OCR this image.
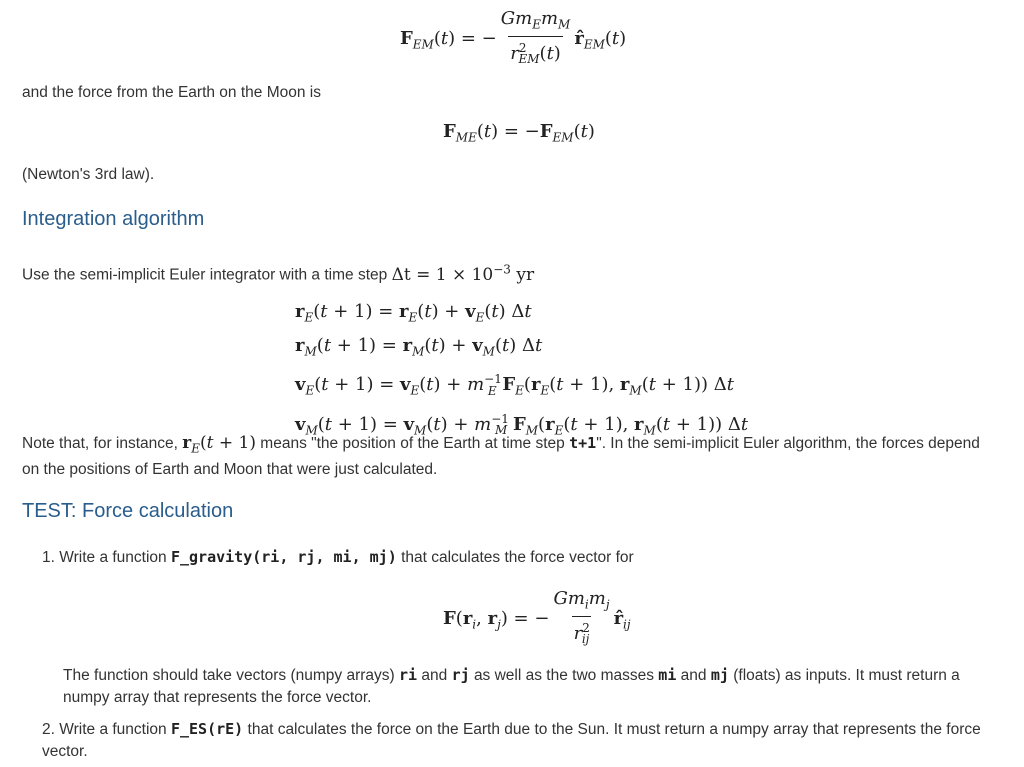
$F_{EM}(t)$ = − $\frac{Gm_Em_M}{r^2_{EM}(t)}$ $r̂_{EM}(t)$
and the force from the Earth on the Moon is
$F_{ME}(t) = -F_{EM}(t)$
(Newton's 3rd law).
Integration algorithm
Use the semi-implicit Euler integrator with a time step $\Delta t = 1 \times 10^{-3}$ yr
$r_E(t + 1) = r_E(t) + v_E(t)$ Δt
$r_M(t + 1) = r_M(t) + v_M(t)$ Δt
$v_E(t + 1) = v_E(t) + m^{-1}_E$ $F_E(r_E(t + 1)$, $r_M(t + 1)$) Δt
$v_M(t + 1) = v_M(t) + m^{-1}_M$ $F_M(r_E(t + 1)$, $r_M(t + 1)$) Δt
Note that, for instance, $r_E(t + 1)$ means "the position of the Earth at time step t+1". In the semi-implicit Euler algorithm, the forces depend on the positions of Earth and Moon that were just calculated.
TEST: Force calculation
1. Write a function F_gravity(ri, rj, mi, mj) that calculates the force vector for
$F(r_i$, $r_j$) = − $\frac{Gm_im_j}{r^2_{ij}}$ $r̂_{ij}$
The function should take vectors (numpy arrays) ri and rj as well as the two masses mi and mj (floats) as inputs. It must return a numpy array that represents the force vector.
2. Write a function F_ES(rE) that calculates the force on the Earth due to the Sun. It must return a numpy array that represents the force vector.
